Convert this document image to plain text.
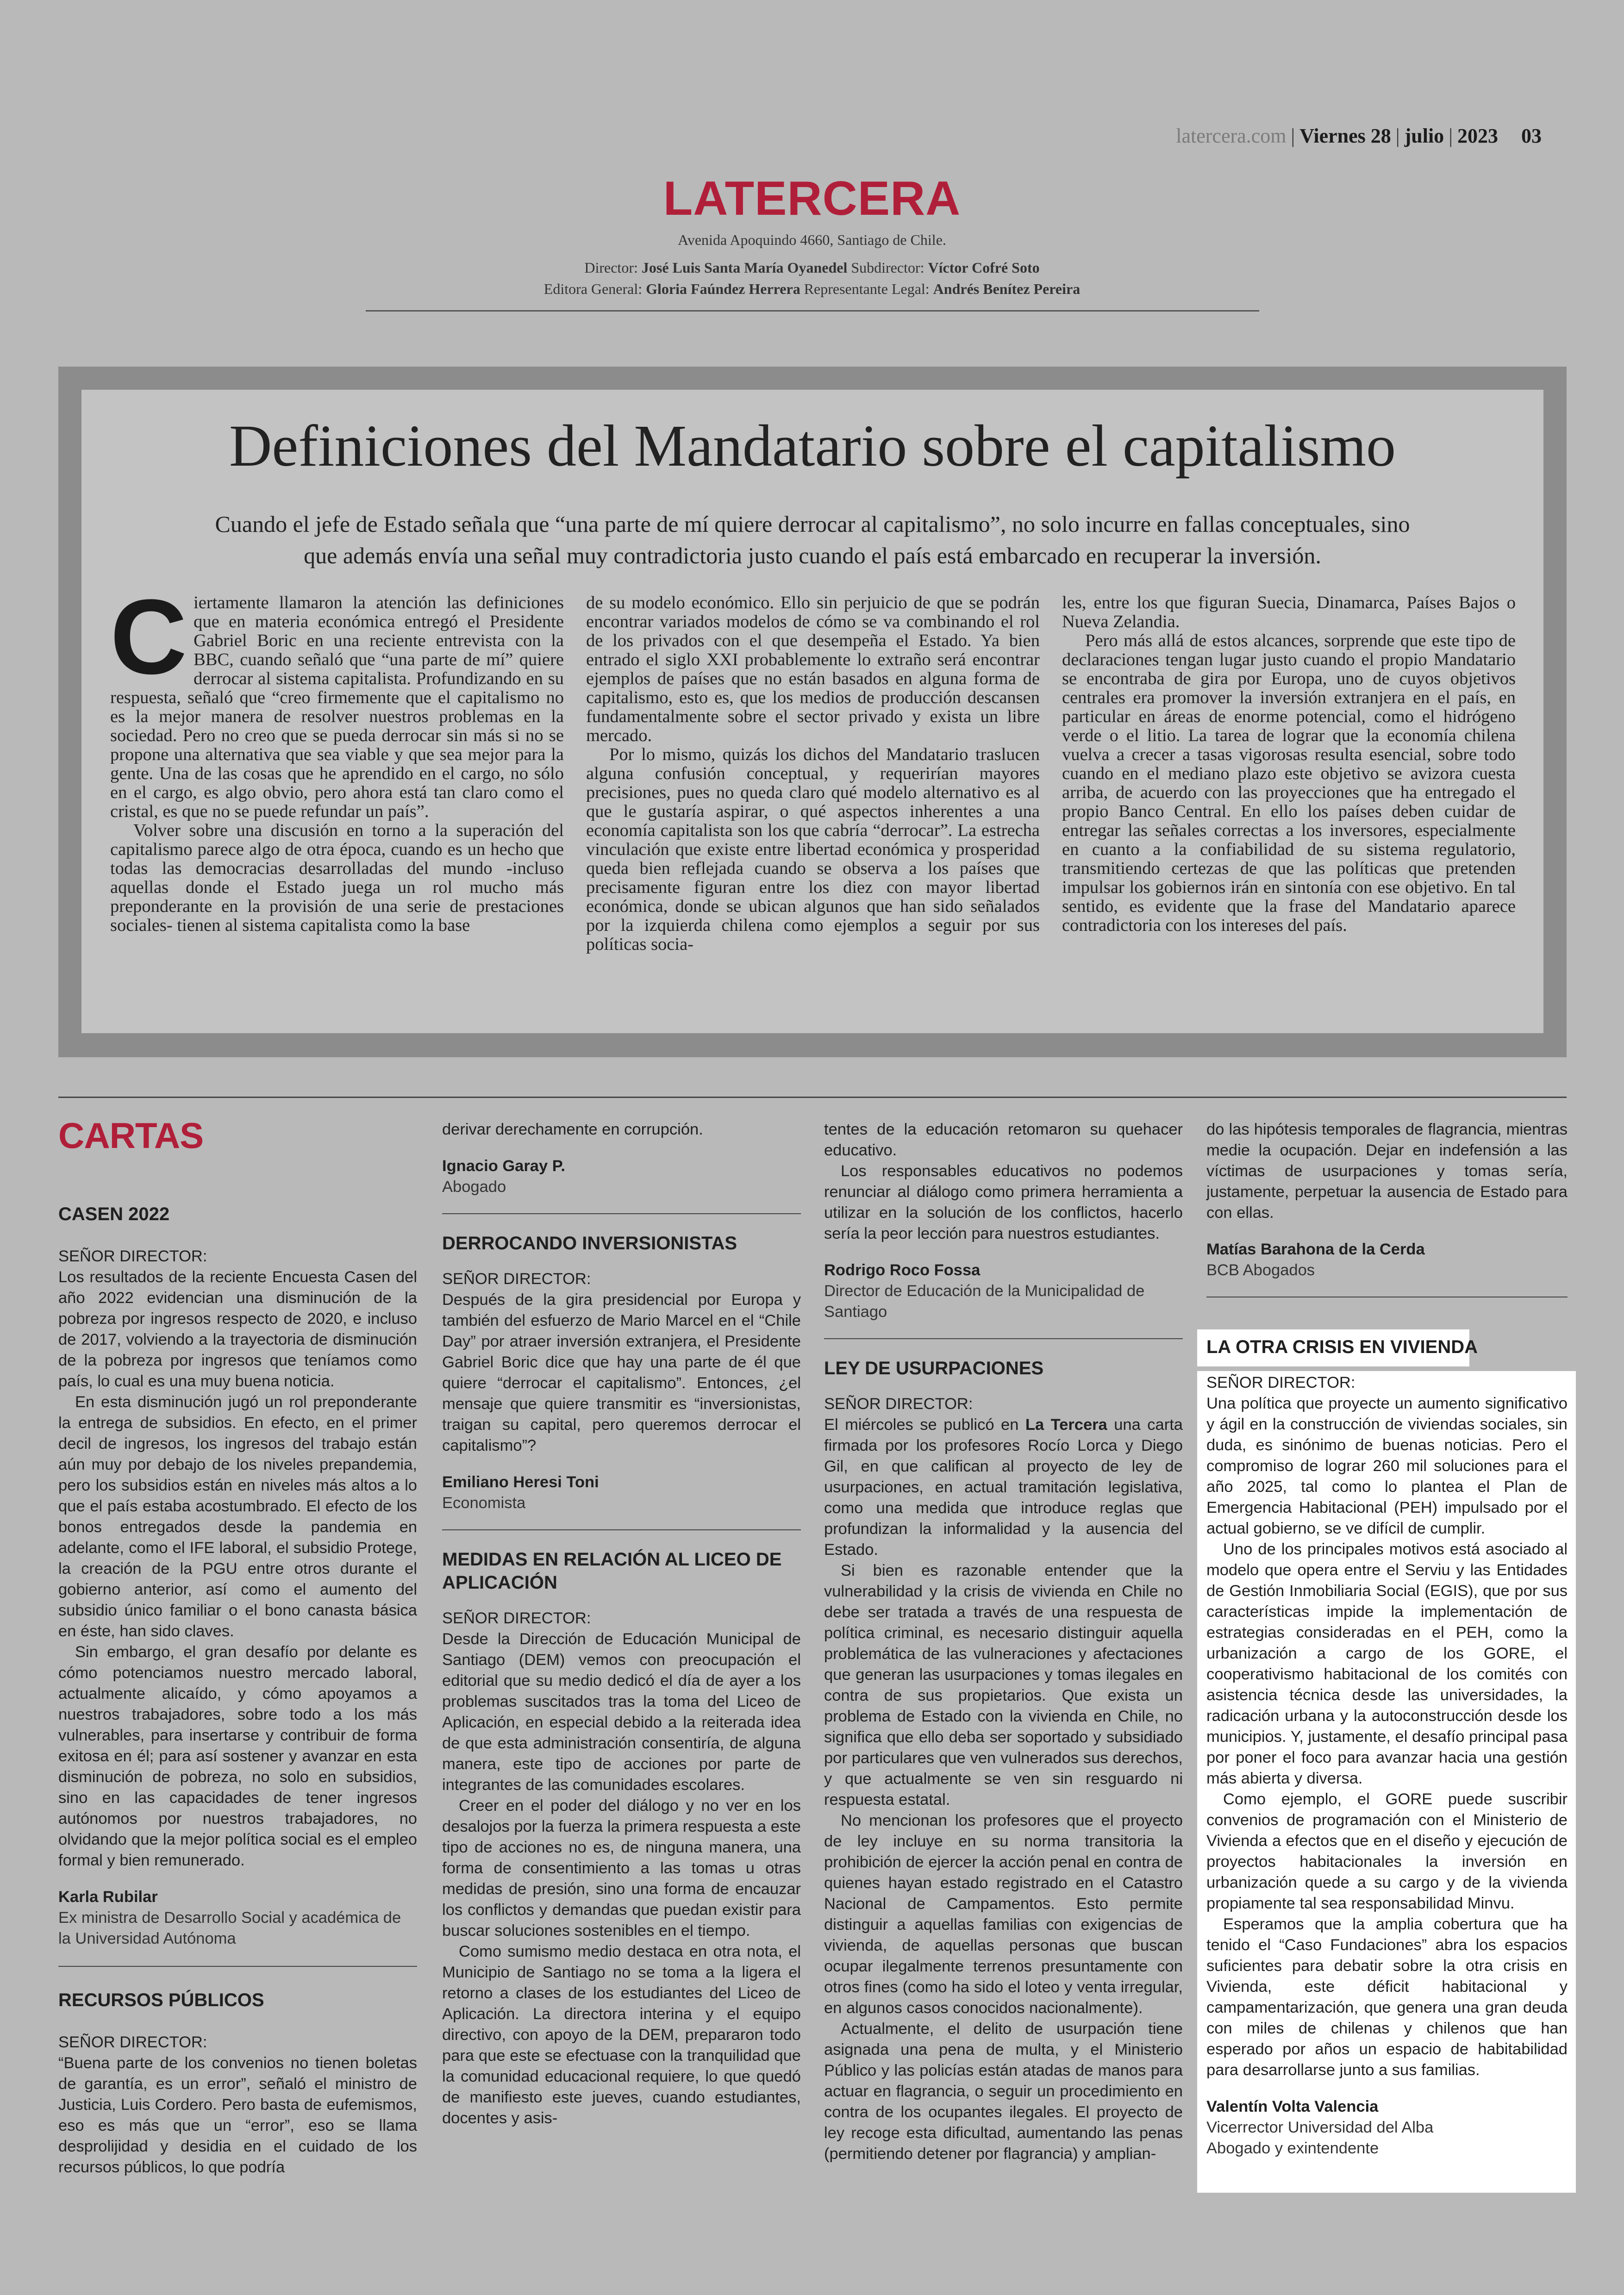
latercera.com | Viernes 28 | julio | 2023 03
LATERCERA
Avenida Apoquindo 4660, Santiago de Chile.
Director: José Luis Santa María Oyanedel Subdirector: Víctor Cofré Soto
Editora General: Gloria Faúndez Herrera Representante Legal: Andrés Benítez Pereira
Definiciones del Mandatario sobre el capitalismo
Cuando el jefe de Estado señala que “una parte de mí quiere derrocar al capitalismo”, no solo incurre en fallas conceptuales, sino
que además envía una señal muy contradictoria justo cuando el país está embarcado en recuperar la inversión.

Ciertamente llamaron la atención las definiciones que en materia económica entregó el Presidente Gabriel Boric en una reciente entrevista con la BBC, cuando señaló que “una parte de mí” quiere derrocar al sistema capitalista. Profundizando en su respuesta, señaló que “creo firmemente que el capitalismo no es la mejor manera de resolver nuestros problemas en la sociedad. Pero no creo que se pueda derrocar sin más si no se propone una alternativa que sea viable y que sea mejor para la gente. Una de las cosas que he aprendido en el cargo, no sólo en el cargo, es algo obvio, pero ahora está tan claro como el cristal, es que no se puede refundar un país”.

Volver sobre una discusión en torno a la superación del capitalismo parece algo de otra época, cuando es un hecho que todas las democracias desarrolladas del mundo -incluso aquellas donde el Estado juega un rol mucho más preponderante en la provisión de una serie de prestaciones sociales- tienen al sistema capitalista como la base

de su modelo económico. Ello sin perjuicio de que se podrán encontrar variados modelos de cómo se va combinando el rol de los privados con el que desempeña el Estado. Ya bien entrado el siglo XXI probablemente lo extraño será encontrar ejemplos de países que no están basados en alguna forma de capitalismo, esto es, que los medios de producción descansen fundamentalmente sobre el sector privado y exista un libre mercado.

Por lo mismo, quizás los dichos del Mandatario traslucen alguna confusión conceptual, y requerirían mayores precisiones, pues no queda claro qué modelo alternativo es al que le gustaría aspirar, o qué aspectos inherentes a una economía capitalista son los que cabría “derrocar”. La estrecha vinculación que existe entre libertad económica y prosperidad queda bien reflejada cuando se observa a los países que precisamente figuran entre los diez con mayor libertad económica, donde se ubican algunos que han sido señalados por la izquierda chilena como ejemplos a seguir por sus políticas socia-

les, entre los que figuran Suecia, Dinamarca, Países Bajos o Nueva Zelandia.

Pero más allá de estos alcances, sorprende que este tipo de declaraciones tengan lugar justo cuando el propio Mandatario se encontraba de gira por Europa, uno de cuyos objetivos centrales era promover la inversión extranjera en el país, en particular en áreas de enorme potencial, como el hidrógeno verde o el litio. La tarea de lograr que la economía chilena vuelva a crecer a tasas vigorosas resulta esencial, sobre todo cuando en el mediano plazo este objetivo se avizora cuesta arriba, de acuerdo con las proyecciones que ha entregado el propio Banco Central. En ello los países deben cuidar de entregar las señales correctas a los inversores, especialmente en cuanto a la confiabilidad de su sistema regulatorio, transmitiendo certezas de que las políticas que pretenden impulsar los gobiernos irán en sintonía con ese objetivo. En tal sentido, es evidente que la frase del Mandatario aparece contradictoria con los intereses del país.

CARTAS
CASEN 2022
SEÑOR DIRECTOR:

Los resultados de la reciente Encuesta Casen del año 2022 evidencian una disminución de la pobreza por ingresos respecto de 2020, e incluso de 2017, volviendo a la trayectoria de disminución de la pobreza por ingresos que teníamos como país, lo cual es una muy buena noticia.

En esta disminución jugó un rol preponderante la entrega de subsidios. En efecto, en el primer decil de ingresos, los ingresos del trabajo están aún muy por debajo de los niveles prepandemia, pero los subsidios están en niveles más altos a lo que el país estaba acostumbrado. El efecto de los bonos entregados desde la pandemia en adelante, como el IFE laboral, el subsidio Protege, la creación de la PGU entre otros durante el gobierno anterior, así como el aumento del subsidio único familiar o el bono canasta básica en éste, han sido claves.

Sin embargo, el gran desafío por delante es cómo potenciamos nuestro mercado laboral, actualmente alicaído, y cómo apoyamos a nuestros trabajadores, sobre todo a los más vulnerables, para insertarse y contribuir de forma exitosa en él; para así sostener y avanzar en esta disminución de pobreza, no solo en subsidios, sino en las capacidades de tener ingresos autónomos por nuestros trabajadores, no olvidando que la mejor política social es el empleo formal y bien remunerado.

Karla Rubilar
Ex ministra de Desarrollo Social y académica de la Universidad Autónoma
RECURSOS PÚBLICOS
SEÑOR DIRECTOR:

“Buena parte de los convenios no tienen boletas de garantía, es un error”, señaló el ministro de Justicia, Luis Cordero. Pero basta de eufemismos, eso es más que un “error”, eso se llama desprolijidad y desidia en el cuidado de los recursos públicos, lo que podría

derivar derechamente en corrupción.

Ignacio Garay P.
Abogado
DERROCANDO INVERSIONISTAS
SEÑOR DIRECTOR:

Después de la gira presidencial por Europa y también del esfuerzo de Mario Marcel en el “Chile Day” por atraer inversión extranjera, el Presidente Gabriel Boric dice que hay una parte de él que quiere “derrocar el capitalismo”. Entonces, ¿el mensaje que quiere transmitir es “inversionistas, traigan su capital, pero queremos derrocar el capitalismo”?

Emiliano Heresi Toni
Economista
MEDIDAS EN RELACIÓN AL LICEO DE
APLICACIÓN
SEÑOR DIRECTOR:

Desde la Dirección de Educación Municipal de Santiago (DEM) vemos con preocupación el editorial que su medio dedicó el día de ayer a los problemas suscitados tras la toma del Liceo de Aplicación, en especial debido a la reiterada idea de que esta administración consentiría, de alguna manera, este tipo de acciones por parte de integrantes de las comunidades escolares.

Creer en el poder del diálogo y no ver en los desalojos por la fuerza la primera respuesta a este tipo de acciones no es, de ninguna manera, una forma de consentimiento a las tomas u otras medidas de presión, sino una forma de encauzar los conflictos y demandas que puedan existir para buscar soluciones sostenibles en el tiempo.

Como sumismo medio destaca en otra nota, el Municipio de Santiago no se toma a la ligera el retorno a clases de los estudiantes del Liceo de Aplicación. La directora interina y el equipo directivo, con apoyo de la DEM, prepararon todo para que este se efectuase con la tranquilidad que la comunidad educacional requiere, lo que quedó de manifiesto este jueves, cuando estudiantes, docentes y asis-

tentes de la educación retomaron su quehacer educativo.

Los responsables educativos no podemos renunciar al diálogo como primera herramienta a utilizar en la solución de los conflictos, hacerlo sería la peor lección para nuestros estudiantes.

Rodrigo Roco Fossa
Director de Educación de la Municipalidad de Santiago
LEY DE USURPACIONES
SEÑOR DIRECTOR:

El miércoles se publicó en La Tercera una carta firmada por los profesores Rocío Lorca y Diego Gil, en que califican al proyecto de ley de usurpaciones, en actual tramitación legislativa, como una medida que introduce reglas que profundizan la informalidad y la ausencia del Estado.

Si bien es razonable entender que la vulnerabilidad y la crisis de vivienda en Chile no debe ser tratada a través de una respuesta de política criminal, es necesario distinguir aquella problemática de las vulneraciones y afectaciones que generan las usurpaciones y tomas ilegales en contra de sus propietarios. Que exista un problema de Estado con la vivienda en Chile, no significa que ello deba ser soportado y subsidiado por particulares que ven vulnerados sus derechos, y que actualmente se ven sin resguardo ni respuesta estatal.

No mencionan los profesores que el proyecto de ley incluye en su norma transitoria la prohibición de ejercer la acción penal en contra de quienes hayan estado registrado en el Catastro Nacional de Campamentos. Esto permite distinguir a aquellas familias con exigencias de vivienda, de aquellas personas que buscan ocupar ilegalmente terrenos presuntamente con otros fines (como ha sido el loteo y venta irregular, en algunos casos conocidos nacionalmente).

Actualmente, el delito de usurpación tiene asignada una pena de multa, y el Ministerio Público y las policías están atadas de manos para actuar en flagrancia, o seguir un procedimiento en contra de los ocupantes ilegales. El proyecto de ley recoge esta dificultad, aumentando las penas (permitiendo detener por flagrancia) y amplian-

do las hipótesis temporales de flagrancia, mientras medie la ocupación. Dejar en indefensión a las víctimas de usurpaciones y tomas sería, justamente, perpetuar la ausencia de Estado para con ellas.

Matías Barahona de la Cerda
BCB Abogados
LA OTRA CRISIS EN VIVIENDA
SEÑOR DIRECTOR:

Una política que proyecte un aumento significativo y ágil en la construcción de viviendas sociales, sin duda, es sinónimo de buenas noticias. Pero el compromiso de lograr 260 mil soluciones para el año 2025, tal como lo plantea el Plan de Emergencia Habitacional (PEH) impulsado por el actual gobierno, se ve difícil de cumplir.

Uno de los principales motivos está asociado al modelo que opera entre el Serviu y las Entidades de Gestión Inmobiliaria Social (EGIS), que por sus características impide la implementación de estrategias consideradas en el PEH, como la urbanización a cargo de los GORE, el cooperativismo habitacional de los comités con asistencia técnica desde las universidades, la radicación urbana y la autoconstrucción desde los municipios. Y, justamente, el desafío principal pasa por poner el foco para avanzar hacia una gestión más abierta y diversa.

Como ejemplo, el GORE puede suscribir convenios de programación con el Ministerio de Vivienda a efectos que en el diseño y ejecución de proyectos habitacionales la inversión en urbanización quede a su cargo y de la vivienda propiamente tal sea responsabilidad Minvu.

Esperamos que la amplia cobertura que ha tenido el “Caso Fundaciones” abra los espacios suficientes para debatir sobre la otra crisis en Vivienda, este déficit habitacional y campamentarización, que genera una gran deuda con miles de chilenas y chilenos que han esperado por años un espacio de habitabilidad para desarrollarse junto a sus familias.

Valentín Volta Valencia
Vicerrector Universidad del Alba
Abogado y exintendente
